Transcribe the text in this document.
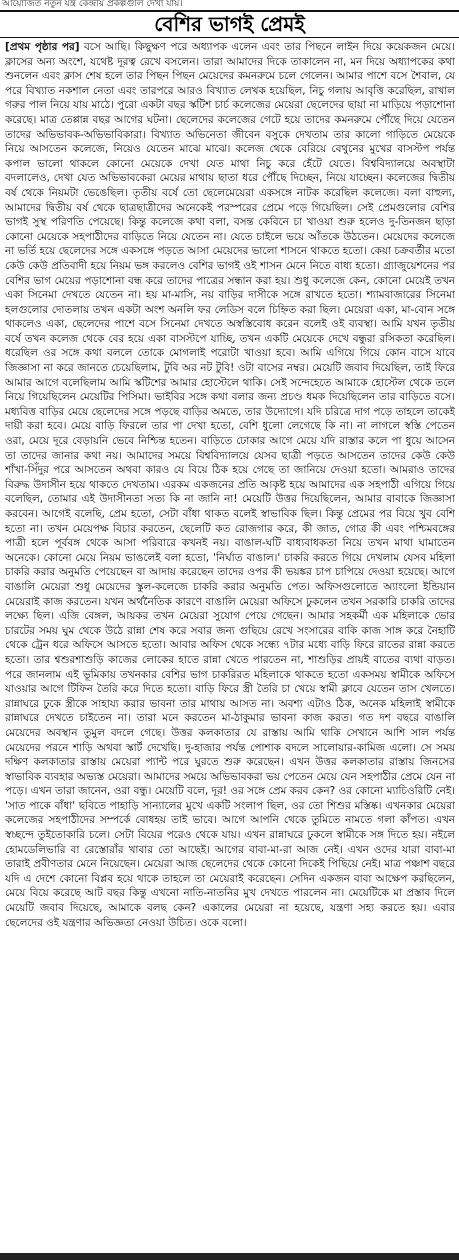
আয়োজিত নতুন যন্ত্র কেন্দ্রীয় প্রকল্পগুলি দেখা যায়।
বেশির ভাগই প্রেমই

[প্রথম পৃষ্ঠার পর] বসে আছি। কিছুক্ষণ পরে অধ্যাপক এলেন এবং তার পিছনে লাইন দিয়ে কয়েকজন মেয়ে। ক্লাসের অন্য অংশে, যথেষ্ট দূরত্ব রেখে বসলেন। তারা আমাদের দিকে তাকালেন না, মন দিয়ে অধ্যাপকের কথা শুনলেন এবং ক্লাস শেষ হলে তার পিছন পিছন মেয়েদের কমনরুমে চলে গেলেন। আমার পাশে বসে শৈবাল, যে পরে বিখ্যাত নকশাল নেতা এবং তারপরে আরও বিখ্যাত লেখক হয়েছিল, নিচু গলায় আবৃত্তি করেছিল, রাখাল গরুর পাল নিয়ে যায় মাঠে। পুরো একটা বছর স্কটিশ চার্চ কলেজের মেয়েরা ছেলেদের ছায়া না মাড়িয়ে পড়াশোনা করেছে। মাত্র তেপ্পান্ন বছর আগের ঘটনা। ছেলেদের কলেজের গেটে হয়ে তাদের কমনরুমে পৌঁছে দিয়ে যেতেন তাদের অভিভাবক-অভিভাবিকারা। বিখ্যাত অভিনেতা জীবেন বসুকে দেখতাম তার কালো গাড়িতে মেয়েকে নিয়ে আসতেন কলেজে, নিয়েও যেতেন মাঝে মাঝে। কলেজ থেকে বেরিয়ে বেথুনের মুখের বাসস্টপ পর্যন্ত কপাল ভালো থাকলে কোনো মেয়েকে দেখা যেত মাথা নিচু করে হেঁটে যেতে। বিশ্ববিদ্যালয়ে অবস্থাটা বদলালেও, দেখা যেত অভিভাবকেরা মেয়ের মাথায় ছাতা ধরে পৌঁছে দিচ্ছেন, নিয়ে যাচ্ছেন। কলেজের দ্বিতীয় বর্ষ থেকে নিয়মটা ভেঙেছিল। তৃতীয় বর্ষে তো ছেলেমেয়েরা একসঙ্গে নাটক করেছিল কলেজে। বলা বাহুল্য, আমাদের দ্বিতীয় বর্ষ থেকে ছাত্রছাত্রীদের অনেকেই পরস্পরের প্রেমে পড়ে গিয়েছিল। সেই প্রেমগুলোর বেশির ভাগই সুস্থ পরিণতি পেয়েছে। কিন্তু কলেজে কথা বলা, বসন্ত কেবিনে চা খাওয়া শুরু হলেও দু-তিনজন ছাড়া কোনো মেয়েকে সহপাঠীদের বাড়িতে নিয়ে যেতেন না। যেতে চাইলে ভয়ে আঁতকে উঠতেন। মেয়েদের কলেজে না ভর্তি হয়ে ছেলেদের সঙ্গে একসঙ্গে পড়তে আসা মেয়েদের ভালো শাসনে থাকতে হতো। কেয়া চক্রবর্তীর মতো কেউ কেউ প্রতিবাদী হয়ে নিয়ম ভঙ্গ করলেও বেশির ভাগই ওই শাসন মেনে নিতে বাধ্য হতো। গ্র্যাজুয়েশনের পর বেশির ভাগ মেয়ের পড়াশোনা বন্ধ করে তাদের পাত্রের সন্ধান করা হয়। শুধু কলেজে কেন, কোনো মেয়েই তখন একা সিনেমা দেখতে যেতেন না। হয় মা-মাসি, নয় বাড়ির দাসীকে সঙ্গে রাখতে হতো। শ্যামবাজারের সিনেমা হলগুলোর দোতলায় তখন একটা অংশ অনলি ফর লেডিস বলে চিহ্নিত করা ছিল। মেয়েরা একা, মা-বোন সঙ্গে থাকলেও একা, ছেলেদের পাশে বসে সিনেমা দেখতে অস্বস্তিবোধ করেন বলেই ওই ব্যবস্থা। আমি যখন তৃতীয় বর্ষে তখন কলেজ থেকে বের হয়ে একা বাসস্টপে যাচ্ছি, তখন একটি মেয়েকে দেখে বন্ধুরা রসিকতা করেছিল। ধরেছিল ওর সঙ্গে কথা বললে তোকে মোগলাই পরোটা খাওয়া হবে। আমি এগিয়ে গিয়ে কোন বাসে যাবে জিজ্ঞাসা না করে জানতে চেয়েছিলাম, টুবি অর নট টুবি! ওটা বাসের নম্বর। মেয়েটি জবাব দিয়েছিল, তাই ফিরে আমার আগে বলেছিলাম আমি স্কটিশের আমার হোস্টেলে থাকি। সেই সন্দেহেতে আমাকে হোস্টেল থেকে তলে নিয়ে গিয়েছিলেন মেয়েটির পিসিমা। ভাইবির সঙ্গে কথা বলার জন্য প্রচণ্ড ধমক দিয়েছিলেন তার বাড়িতে বসে। মধ্যবিত্ত বাড়ির মেয়ে ছেলেদের সঙ্গে পড়ছে বাড়ির অমতে, তার উদ্যোগে। যদি চরিত্রে দাগ পড়ে তাহলে তাকেই দায়ী করা হবে। মেয়ে বাড়ি ফিরলে তার পা দেখা হতো, বেশি ধুলো লেগেছে কি না। না লাগলে স্বস্তি পেতেন ওরা, মেয়ে দূরে বেড়ায়নি ভেবে নিশ্চিন্ত হতেন। বাড়িতে ঢোকার আগে মেয়ে যদি রাস্তার কলে পা ধুয়ে আসেন তা তাদের জানার কথা নয়। আমাদের সময়ে বিশ্ববিদ্যালয়ে যেসব ছাত্রী পড়তে আসতেন তাদের কেউ কেউ শাঁখা-সিঁদুর পরে আসতেন অথবা কারও যে বিয়ে ঠিক হয়ে গেছে তা জানিয়ে দেওয়া হতো। আমরাও তাদের বিরুদ্ধ উদাসীন হয়ে থাকতে দেখতাম। এরকম একজনের প্রতি আকৃষ্ট হয়ে আমাদের এক সহপাঠী এগিয়ে গিয়ে বলেছিল, তোমার এই উদাসীনতা সত্য কি না জানি না! মেয়েটি উত্তর দিয়েছিলেন, আমার বাবাকে জিজ্ঞাসা করবেন। আগেই বলেছি, প্রেম হতো, সেটা বাঁধা থাকত বলেই স্বাভাবিক ছিল। কিন্তু প্রেমের পর বিয়ে খুব বেশি হতো না। তখন মেয়েপক্ষ বিচার করতেন, ছেলেটি কত রোজগার করে, কী জাত, গোত্র কী এবং পশ্চিমবঙ্গের পাত্রী হলে পূর্ববঙ্গ থেকে আসা পরিবারে কখনই নয়। বাঙাল-ঘটি বাধ্যবাধকতা নিয়ে তখন মাথা ঘামাতেন অনেকে। কোনো মেয়ে নিয়ম ভাঙলেই বলা হতো, 'নির্ঘাত বাঙাল।' চাকরি করতে গিয়ে দেখলাম যেসব মহিলা চাকরি করার অনুমতি পেয়েছেন বা আদায় করেছেন তাদের ওপর কী ভয়ঙ্কর চাপ চাপিয়ে দেওয়া হয়েছে। আগে বাঙালি মেয়েরা শুধু মেয়েদের স্কুল-কলেজে চাকরি করার অনুমতি পেত। অফিসগুলোতে অ্যাংলো ইন্ডিয়ান মেয়েরাই কাজ করতেন। যখন অর্থনৈতিক কারণে বাঙালি মেয়েরা অফিসে ঢুকলেন তখন সরকারি চাকরি তাদের লক্ষ্যে ছিল। এজি বেঙ্গল, আয়কর তখন মেয়েরা সুযোগ পেয়ে গেছেন। আমার সহকর্মী এক মহিলাকে ভোর চারটের সময় ঘুম থেকে উঠে রান্না শেষ করে সবার জন্য গুছিয়ে রেখে সংসারের বাকি কাজ সাঙ্গ করে নৈহাটি থেকে ট্রেন ধরে অফিসে আসতে হতো। আবার অফিস থেকে সন্ধ্যে ৭টার মধ্যে বাড়ি ফিরে রাতের রান্না করতে হতো। তার শ্বশুরশাশুড়ি কাজের লোকের হাতে রান্না খেতে পারতেন না, শাশুড়ির প্রায়ই বাতের ব্যথা বাড়ত। পরে জানলাম এই ভূমিকায় তখনকার বেশির ভাগ চাকরিরত মহিলাকে থাকতে হতো একসময় স্বামীকে অফিসে যাওয়ার আগে টিফিন তৈরি করে দিতে হতো। বাড়ি ফিরে স্ত্রী তৈরি চা খেয়ে স্বামী ক্লাবে যেতেন তাস খেলতে। রান্নাঘরে ঢুকে স্ত্রীকে সাহায্য করার ভাবনা তার মাথায় আসত না। অবশ্য এটাও ঠিক, অনেক মহিলাই স্বামীকে রান্নাঘরে দেখতে চাইতেন না। তারা মনে করতেন মা-ঠাকুমার ভাবনা কাজ করত। গত দশ বছরে বাঙালি মেয়েদের অবস্থান তুমুল বদলে গেছে। উত্তর কলকাতার যে রাস্তায় আমি থাকি সেখানে আশি সাল পর্যন্ত মেয়েদের পরনে শাড়ি অথবা স্কার্ট দেখেছি। দু-হাজার পর্যন্ত পোশাক বদলে সালোয়ার-কামিজ এলো। সে সময় দক্ষিণ কলকাতার রাস্তায় মেয়েরা প্যান্ট পরে ঘুরতে শুরু করেছেন। এখন উত্তর কলকাতার রাস্তায় জিনসের স্বাভাবিক ব্যবহার অভ্যস্ত মেয়েরা। আমাদের সময়ে অভিভাবকরা ভয় পেতেন মেয়ে যেন সহপাঠীর প্রেমে যেন না পড়ে। এখন তারা জানেন, ওরা বন্ধু। মেয়েটি বলে, দূর! ওর সঙ্গে প্রেম করব কেন? ওর কোনো ম্যাচিওরিটি নেই। 'সাত পাকে বাঁধা' ছবিতে পাহাড়ি সান্যালের মুখে একটি সংলাপ ছিল, ওর তো শিশুর মস্তিষ্ক। এখনকার মেয়েরা কলেজের সহপাঠীদের সম্পর্কে বোধহয় তাই ভাবে। আগে আপনি থেকে তুমিতে নামতে গলা কাঁপত। এখন স্বচ্ছন্দে তুইতোকারি চলে। সেটা বিয়ের পরেও থেকে যায়। এখন রান্নাঘরে ঢুকলে স্বামীকে সঙ্গ দিতে হয়। নইলে হোমডেলিভারি বা রেস্তোরাঁর খাবার তো আছেই। আগের বাবা-মা-রা আজ নেই। এখন ওদের যারা বাবা-মা তারাই প্রবীণতার মেনে নিয়েছেন। মেয়েরা আজ ছেলেদের থেকে কোনো দিকেই পিছিয়ে নেই। মাত্র পঞ্চাশ বছরে যদি এ দেশে কোনো বিপ্লব হয়ে থাকে তাহলে তা মেয়েরাই করেছেন। সেদিন একজন বাবা আক্ষেপ করছিলেন, মেয়ে বিয়ে করেছে আট বছর কিন্তু এখনো নাতি-নাতনির মুখ দেখতে পারলেন না। মেয়েটিকে মা প্রস্তাব দিলে মেয়েটি জবাব দিয়েছে, আমাকে বলছ কেন? একালের মেয়েরা না হয়েছে, যন্ত্রণা সহ্য করতে হয়। এবার ছেলেদের ওই যন্ত্রণার অভিজ্ঞতা নেওয়া উচিত। ওকে বলো।
